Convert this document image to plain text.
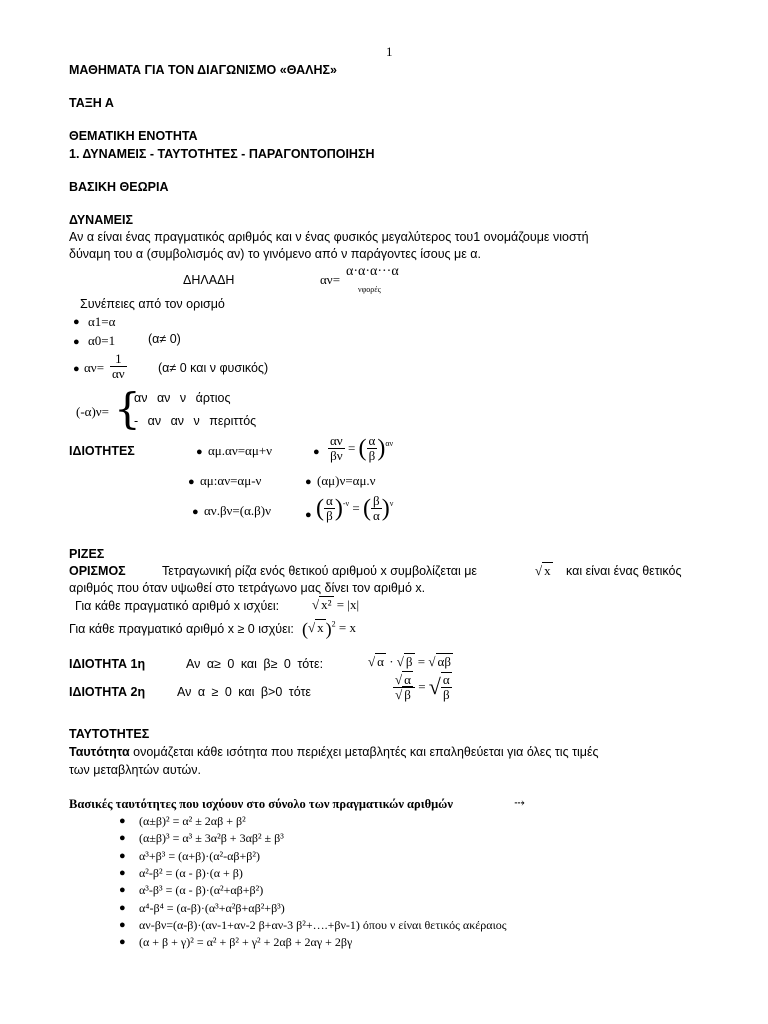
1
ΜΑΘΗΜΑΤΑ ΓΙΑ ΤΟΝ ΔΙΑΓΩΝΙΣΜΟ «ΘΑΛΗΣ»
ΤΑΞΗ Α
ΘΕΜΑΤΙΚΗ ΕΝΟΤΗΤΑ
1. ΔΥΝΑΜΕΙΣ - ΤΑΥΤΟΤΗΤΕΣ - ΠΑΡΑΓΟΝΤΟΠΟΙΗΣΗ
ΒΑΣΙΚΗ ΘΕΩΡΙΑ
ΔΥΝΑΜΕΙΣ
Αν α είναι ένας πραγματικός αριθμός και ν ένας φυσικός μεγαλύτερος του1 ονομάζουμε νιοστή
δύναμη του α (συμβολισμός αν) το γινόμενο από ν παράγοντες ίσους με α.
ΔΗΛΑΔΗ	αν=
α·α·α···α
νφορές
Συνέπειες από τον ορισμό
● α1=α
● α0=1	(α≠ 0)
● $\alpha\nu= \frac{1}{\alpha\nu}$	(α≠ 0 και ν φυσικός)
(-α)ν= {
αν αν ν άρτιος
- αν αν ν περιττός
ΙΔΙΟΤΗΤΕΣ	● αμ.αν=αμ+ν
● αμ:αν=αμ-ν
● αν.βν=(α.β)ν
● $\frac{\alpha\nu}{\beta\nu}$ = ( $\frac{\alpha}{\beta} )^{\alpha\nu}$
● (αμ)ν=αμ.ν
● ( $\frac{\alpha}{\beta} )^{-\nu}$ = ( $\frac{\beta}{\alpha} )^\nu$
ΡΙΖΕΣ
ΟΡΙΣΜΟΣ	Τετραγωνική ρίζα ενός θετικού αριθμού x συμβολίζεται με	√ x και είναι ένας θετικός
αριθμός που όταν υψωθεί στο τετράγωνο μας δίνει τον αριθμό x.
Για κάθε πραγματικό αριθμό x ισχύει:	√ x² = |x|
Για κάθε πραγματικό αριθμό x ≥ 0 ισχύει: (√ x )$^2$ = x
ΙΔΙΟΤΗΤΑ 1η	Αν α≥ 0 και β≥ 0 τότε:	√ α · √ β = √ αβ
ΙΔΙΟΤΗΤΑ 2η	Αν α ≥ 0 και β>0 τότε	$\frac{√ \alpha}{√ \beta}$ = √ $\frac{\alpha}{\beta}$
ΤΑΥΤΟΤΗΤΕΣ
Ταυτότητα ονομάζεται κάθε ισότητα που περιέχει μεταβλητές και επαληθεύεται για όλες τις τιμές
των μεταβλητών αυτών.
Βασικές ταυτότητες που ισχύουν στο σύνολο των πραγματικών αριθμών	⤏
● (α±β)² = α² ± 2αβ + β²
● (α±β)³ = α³ ± 3α²β + 3αβ² ± β³
● α³+β³ = (α+β)·(α²-αβ+β²)
● α²-β² = (α - β)·(α + β)
● α³-β³ = (α - β)·(α²+αβ+β²)
● α⁴-β⁴ = (α-β)·(α³+α²β+αβ²+β³)
● αν-βν=(α-β)·(αν-1+αν-2 β+αν-3 β²+….+βν-1) όπου ν είναι θετικός ακέραιος
● (α + β + γ)² = α² + β² + γ² + 2αβ + 2αγ + 2βγ
